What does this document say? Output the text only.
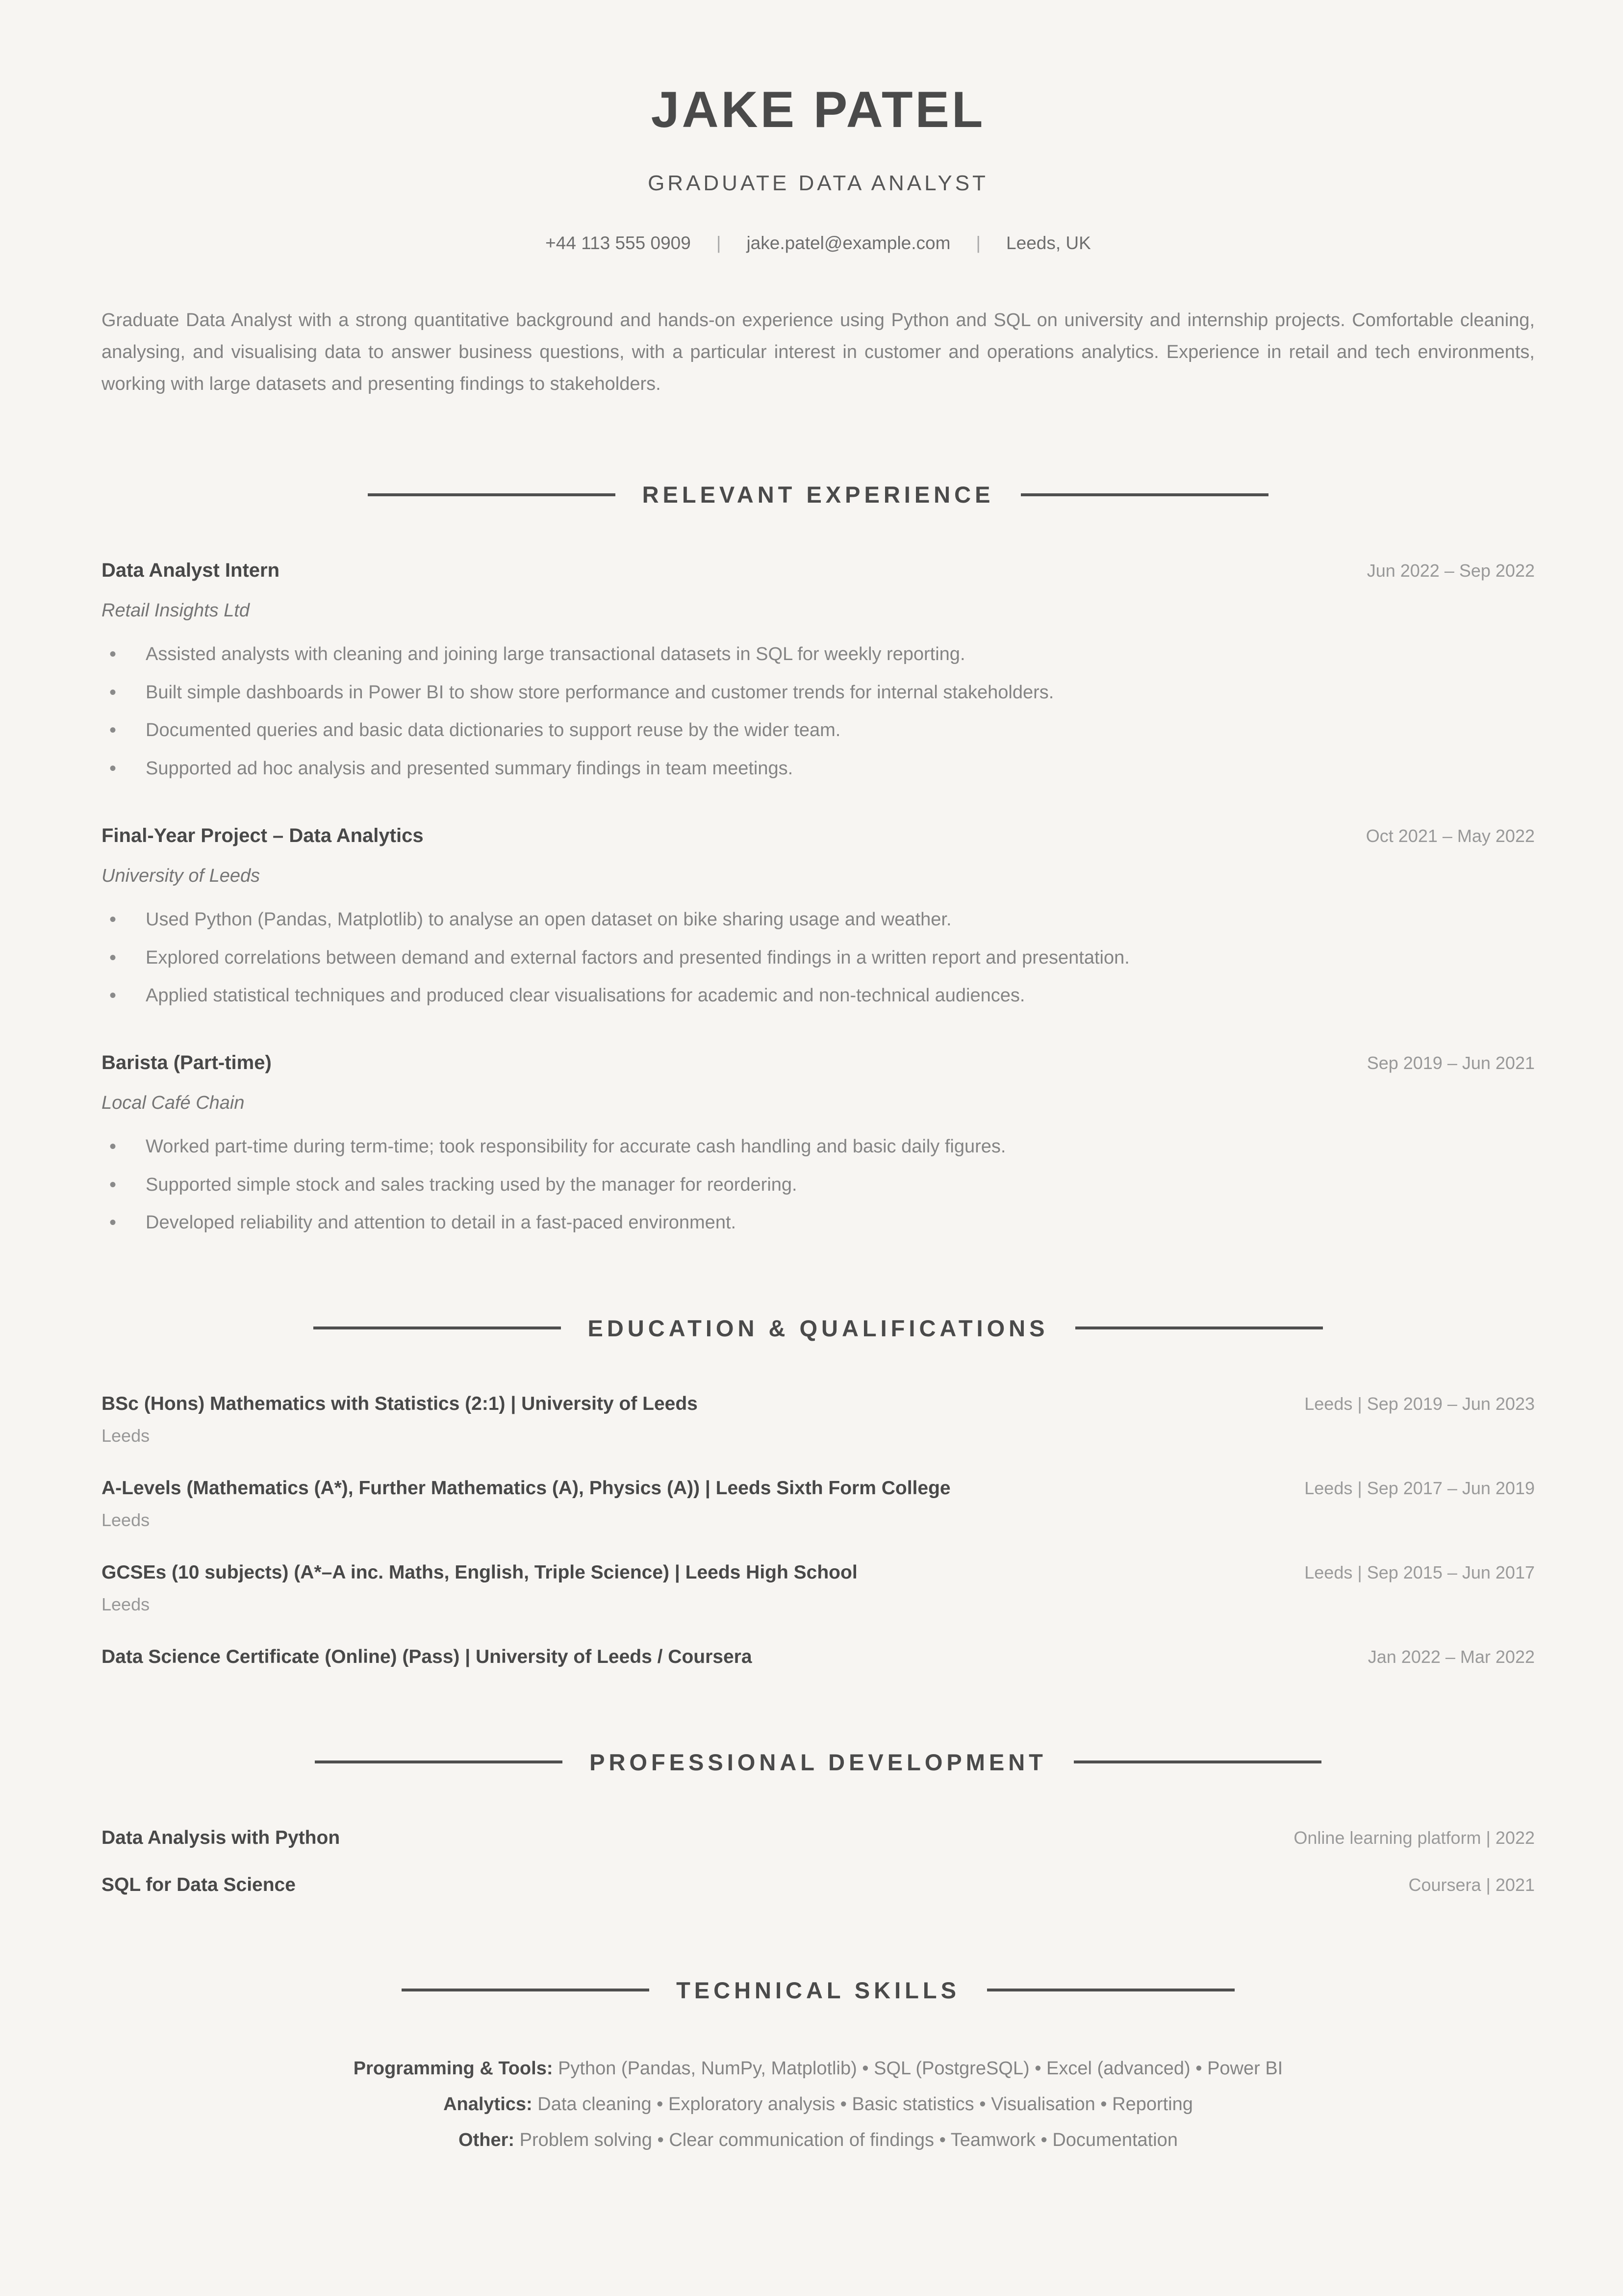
JAKE PATEL
GRADUATE DATA ANALYST
+44 113 555 0909 | jake.patel@example.com | Leeds, UK

Graduate Data Analyst with a strong quantitative background and hands-on experience using Python and SQL on university and internship projects. Comfortable cleaning, analysing, and visualising data to answer business questions, with a particular interest in customer and operations analytics. Experience in retail and tech environments, working with large datasets and presenting findings to stakeholders.

RELEVANT EXPERIENCE
Data Analyst Intern	Jun 2022 – Sep 2022
Retail Insights Ltd
• Assisted analysts with cleaning and joining large transactional datasets in SQL for weekly reporting.
• Built simple dashboards in Power BI to show store performance and customer trends for internal stakeholders.
• Documented queries and basic data dictionaries to support reuse by the wider team.
• Supported ad hoc analysis and presented summary findings in team meetings.
Final-Year Project – Data Analytics	Oct 2021 – May 2022
University of Leeds
• Used Python (Pandas, Matplotlib) to analyse an open dataset on bike sharing usage and weather.
• Explored correlations between demand and external factors and presented findings in a written report and presentation.
• Applied statistical techniques and produced clear visualisations for academic and non-technical audiences.
Barista (Part-time)	Sep 2019 – Jun 2021
Local Café Chain
• Worked part-time during term-time; took responsibility for accurate cash handling and basic daily figures.
• Supported simple stock and sales tracking used by the manager for reordering.
• Developed reliability and attention to detail in a fast-paced environment.
EDUCATION & QUALIFICATIONS
BSc (Hons) Mathematics with Statistics (2:1) | University of Leeds	Leeds | Sep 2019 – Jun 2023
Leeds
A-Levels (Mathematics (A*), Further Mathematics (A), Physics (A)) | Leeds Sixth Form College	Leeds | Sep 2017 – Jun 2019
Leeds
GCSEs (10 subjects) (A*–A inc. Maths, English, Triple Science) | Leeds High School	Leeds | Sep 2015 – Jun 2017
Leeds
Data Science Certificate (Online) (Pass) | University of Leeds / Coursera	Jan 2022 – Mar 2022
PROFESSIONAL DEVELOPMENT
Data Analysis with Python	Online learning platform | 2022
SQL for Data Science	Coursera | 2021
TECHNICAL SKILLS
Programming & Tools: Python (Pandas, NumPy, Matplotlib) • SQL (PostgreSQL) • Excel (advanced) • Power BI
Analytics: Data cleaning • Exploratory analysis • Basic statistics • Visualisation • Reporting
Other: Problem solving • Clear communication of findings • Teamwork • Documentation
